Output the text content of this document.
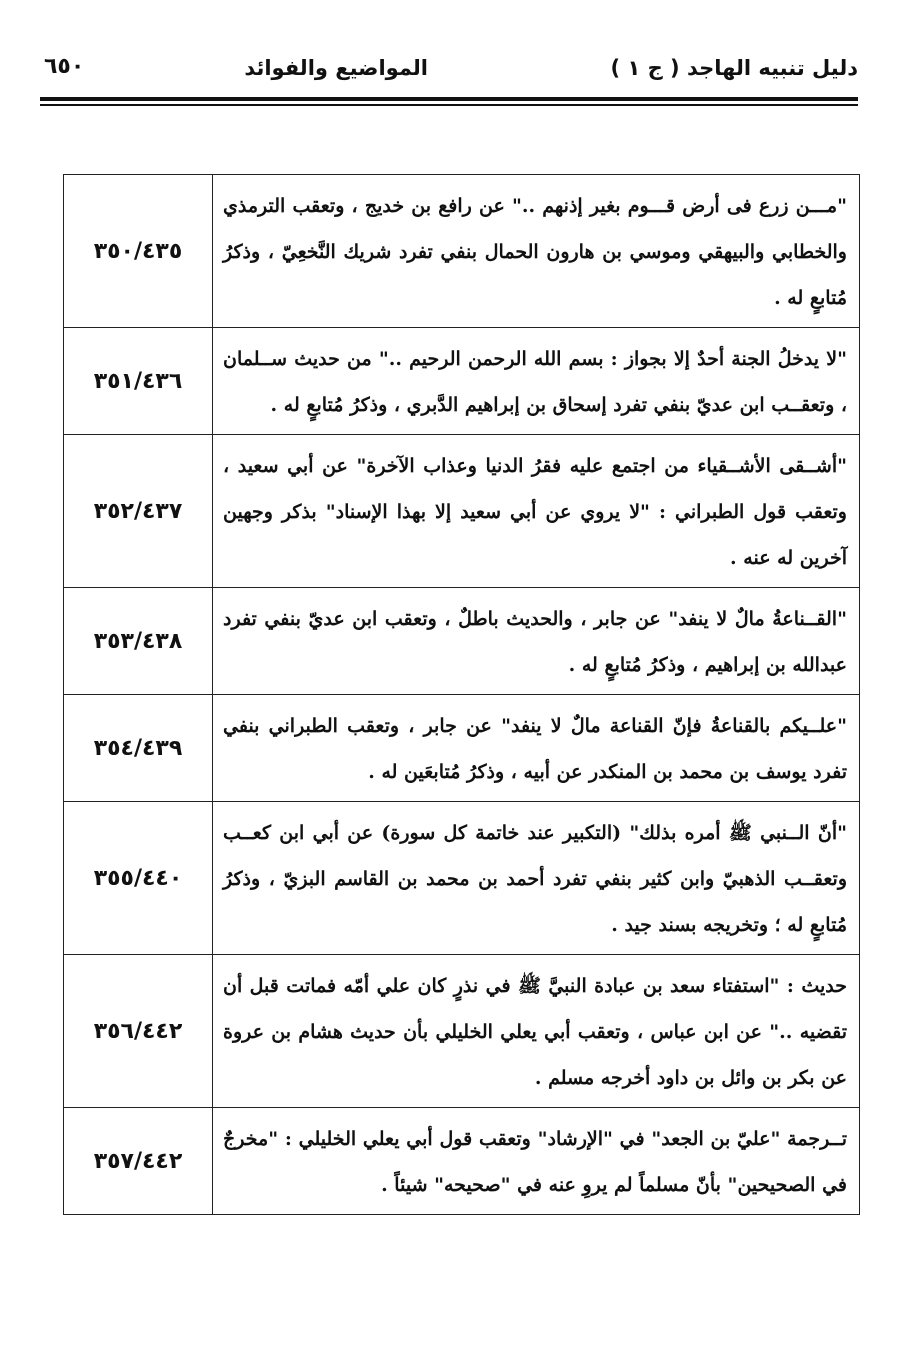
دليل تنبيه الهاجد ( ج ١ )
المواضيع والفوائد
٦٥٠
"مـــن زرع فى أرض قـــوم بغير إذنهم .." عن رافع بن خديج ، وتعقب الترمذي والخطابي والبيهقي وموسي بن هارون الحمال بنفي تفرد شريك النَّخعِيّ ، وذكرُ مُتابعٍ له .	٣٥٠/٤٣٥
"لا يدخلُ الجنة أحدٌ إلا بجواز : بسم الله الرحمن الرحيم .." من حديث ســلمان ، وتعقــب ابن عديّ بنفي تفرد إسحاق بن إبراهيم الدَّبري ، وذكرُ مُتابعٍ له .	٣٥١/٤٣٦
"أشــقى الأشــقياء من اجتمع عليه فقرُ الدنيا وعذاب الآخرة" عن أبي سعيد ، وتعقب قول الطبراني : "لا يروي عن أبي سعيد إلا بهذا الإسناد" بذكر وجهين آخرين له عنه .	٣٥٢/٤٣٧
"القــناعةُ مالٌ لا ينفد" عن جابر ، والحديث باطلٌ ، وتعقب ابن عديّ بنفي تفرد عبدالله بن إبراهيم ، وذكرُ مُتابعٍ له .	٣٥٣/٤٣٨
"علــيكم بالقناعةُ فإنّ القناعة مالٌ لا ينفد" عن جابر ، وتعقب الطبراني بنفي تفرد يوسف بن محمد بن المنكدر عن أبيه ، وذكرُ مُتابعَين له .	٣٥٤/٤٣٩
"أنّ الــنبي ﷺ أمره بذلك" (التكبير عند خاتمة كل سورة) عن أبي ابن كعــب وتعقــب الذهبيّ وابن كثير بنفي تفرد أحمد بن محمد بن القاسم البزيّ ، وذكرُ مُتابعٍ له ؛ وتخريجه بسند جيد .	٣٥٥/٤٤٠
حديث : "استفتاء سعد بن عبادة النبيَّ ﷺ في نذرٍ كان علي أمّه فماتت قبل أن تقضيه .." عن ابن عباس ، وتعقب أبي يعلي الخليلي بأن حديث هشام بن عروة عن بكر بن وائل بن داود أخرجه مسلم .	٣٥٦/٤٤٢
تــرجمة "عليّ بن الجعد" في "الإرشاد" وتعقب قول أبي يعلي الخليلي : "مخرجٌ في الصحيحين" بأنّ مسلماً لم يروِ عنه في "صحيحه" شيئاً .	٣٥٧/٤٤٢
